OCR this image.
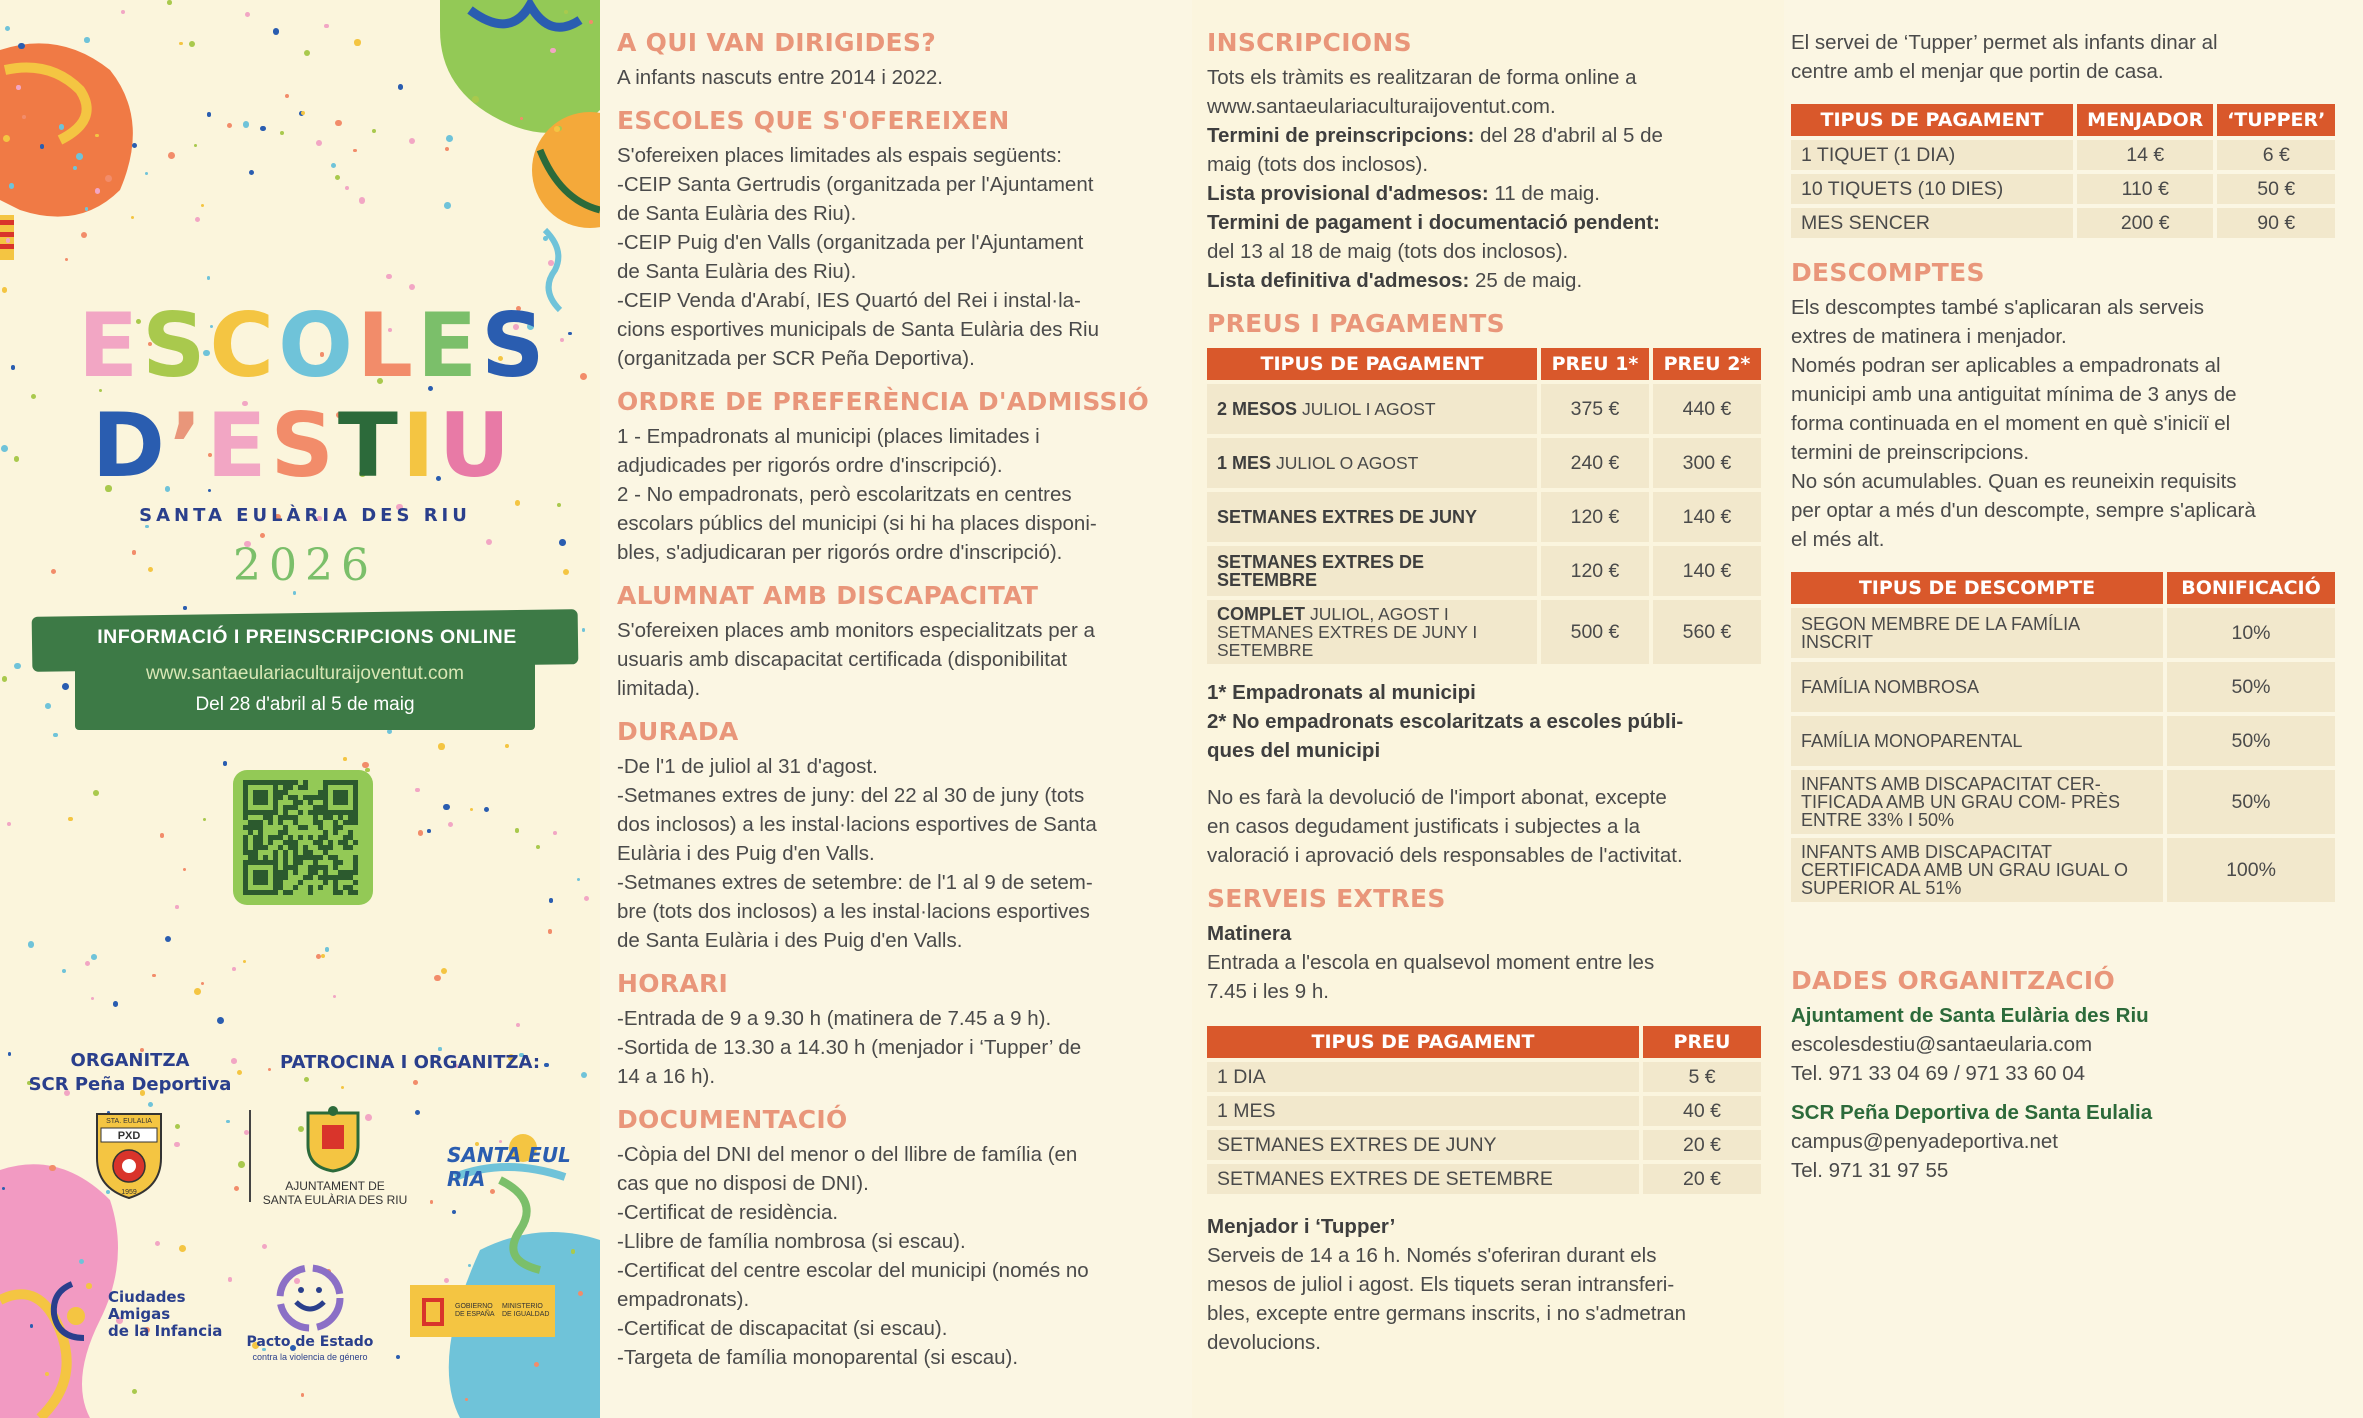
ESCOLES
D’ESTIU
SANTA EULÀRIA DES RIU
2026
INFORMACIÓ I PREINSCRIPCIONS ONLINE
www.santaeulariaculturaijoventut.com
Del 28 d'abril al 5 de maig
ORGANITZA
SCR Peña Deportiva
PATROCINA I ORGANITZA:
STA. EULALIA
PXD
1959	AJUNTAMENT DE
SANTA EULÀRIA DES RIU
SANTA EUL RIA
Ciudades
Amigas
de la Infancia
Pacto de Estado
contra la violencia de género
GOBIERNO DE ESPAÑA
MINISTERIO DE IGUALDAD
A QUI VAN DIRIGIDES?

A infants nascuts entre 2014 i 2022.

ESCOLES QUE S'OFEREIXEN

S'ofereixen places limitades als espais següents:

-CEIP Santa Gertrudis (organitzada per l'Ajuntament

de Santa Eulària des Riu).

-CEIP Puig d'en Valls (organitzada per l'Ajuntament

de Santa Eulària des Riu).

-CEIP Venda d'Arabí, IES Quartó del Rei i instal·la-

cions esportives municipals de Santa Eulària des Riu

(organitzada per SCR Peña Deportiva).

ORDRE DE PREFERÈNCIA D'ADMISSIÓ

1 - Empadronats al municipi (places limitades i

adjudicades per rigorós ordre d'inscripció).

2 - No empadronats, però escolaritzats en centres

escolars públics del municipi (si hi ha places disponi-

bles, s'adjudicaran per rigorós ordre d'inscripció).

ALUMNAT AMB DISCAPACITAT

S'ofereixen places amb monitors especialitzats per a

usuaris amb discapacitat certificada (disponibilitat

limitada).

DURADA

-De l'1 de juliol al 31 d'agost.

-Setmanes extres de juny: del 22 al 30 de juny (tots

dos inclosos) a les instal·lacions esportives de Santa

Eulària i des Puig d'en Valls.

-Setmanes extres de setembre: de l'1 al 9 de setem-

bre (tots dos inclosos) a les instal·lacions esportives

de Santa Eulària i des Puig d'en Valls.

HORARI

-Entrada de 9 a 9.30 h (matinera de 7.45 a 9 h).

-Sortida de 13.30 a 14.30 h (menjador i ‘Tupper’ de

14 a 16 h).

DOCUMENTACIÓ

-Còpia del DNI del menor o del llibre de família (en

cas que no disposi de DNI).

-Certificat de residència.

-Llibre de família nombrosa (si escau).

-Certificat del centre escolar del municipi (només no

empadronats).

-Certificat de discapacitat (si escau).

-Targeta de família monoparental (si escau).

INSCRIPCIONS

Tots els tràmits es realitzaran de forma online a

www.santaeulariaculturaijoventut.com.

Termini de preinscripcions: del 28 d'abril al 5 de

maig (tots dos inclosos).

Lista provisional d'admesos: 11 de maig.

Termini de pagament i documentació pendent:

del 13 al 18 de maig (tots dos inclosos).

Lista definitiva d'admesos: 25 de maig.

PREUS I PAGAMENTS
TIPUS DE PAGAMENT	PREU 1*	PREU 2*
2 MESOS JULIOL I AGOST	375 €	440 €
1 MES JULIOL O AGOST	240 €	300 €
SETMANES EXTRES DE JUNY	120 €	140 €
SETMANES EXTRES DE SETEMBRE	120 €	140 €
COMPLET JULIOL, AGOST I SETMANES EXTRES DE JUNY I SETEMBRE	500 €	560 €

1* Empadronats al municipi

2* No empadronats escolaritzats a escoles públi-

ques del municipi

No es farà la devolució de l'import abonat, excepte

en casos degudament justificats i subjectes a la

valoració i aprovació dels responsables de l'activitat.

SERVEIS EXTRES

Matinera

Entrada a l'escola en qualsevol moment entre les

7.45 i les 9 h.

TIPUS DE PAGAMENT	PREU
1 DIA	5 €
1 MES	40 €
SETMANES EXTRES DE JUNY	20 €
SETMANES EXTRES DE SETEMBRE	20 €

Menjador i ‘Tupper’

Serveis de 14 a 16 h. Només s'oferiran durant els

mesos de juliol i agost. Els tiquets seran intransferi-

bles, excepte entre germans inscrits, i no s'admetran

devolucions.

El servei de ‘Tupper’ permet als infants dinar al

centre amb el menjar que portin de casa.

TIPUS DE PAGAMENT	MENJADOR	‘TUPPER’
1 TIQUET (1 DIA)	14 €	6 €
10 TIQUETS (10 DIES)	110 €	50 €
MES SENCER	200 €	90 €
DESCOMPTES

Els descomptes també s'aplicaran als serveis

extres de matinera i menjador.

Només podran ser aplicables a empadronats al

municipi amb una antiguitat mínima de 3 anys de

forma continuada en el moment en què s'iniciï el

termini de preinscripcions.

No són acumulables. Quan es reuneixin requisits

per optar a més d'un descompte, sempre s'aplicarà

el més alt.

TIPUS DE DESCOMPTE	BONIFICACIÓ
SEGON MEMBRE DE LA FAMÍLIA INSCRIT	10%
FAMÍLIA NOMBROSA	50%
FAMÍLIA MONOPARENTAL	50%
INFANTS AMB DISCAPACITAT CER- TIFICADA AMB UN GRAU COM- PRÈS ENTRE 33% I 50%	50%
INFANTS AMB DISCAPACITAT CERTIFICADA AMB UN GRAU IGUAL O SUPERIOR AL 51%	100%
DADES ORGANITZACIÓ
Ajuntament de Santa Eulària des Riu

escolesdestiu@santaeularia.com

Tel. 971 33 04 69 / 971 33 60 04

SCR Peña Deportiva de Santa Eulalia

campus@penyadeportiva.net

Tel. 971 31 97 55
